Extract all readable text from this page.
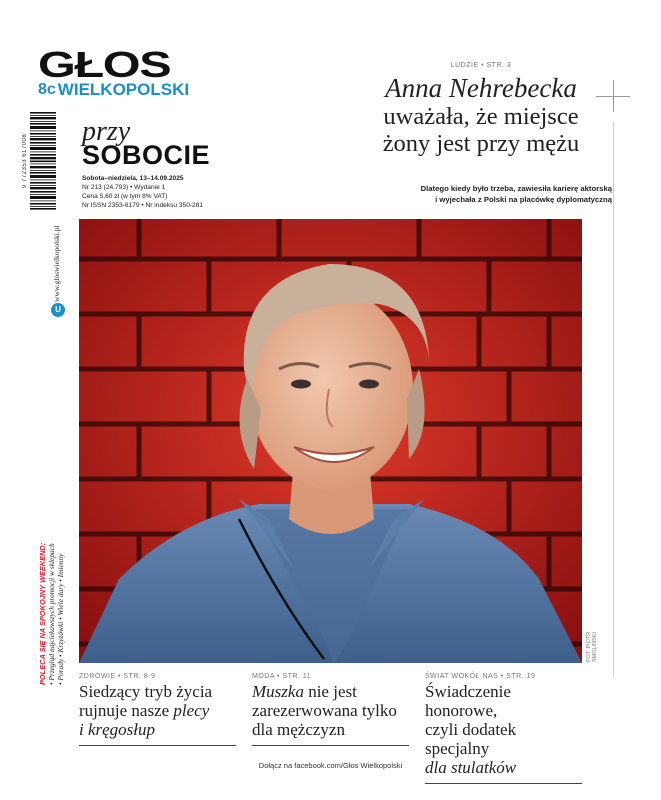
GŁOS
8c WIELKOPOLSKI
przy
SOBOCIE
Sobota–niedziela, 13–14.09.2025
Nr 213 (24.793) • Wydanie 1
Cena 5,60 zł (w tym 8% VAT)
Nr ISSN 2353-6179 • Nr indeksu 350-281
9 772353 617008
www.gloswielkopolski.pl
U
POLECA SIĘ NA SPOKOJNY WEEKEND: • Przegląd najciekawszych promocji w sklepach • Porady • Krzyżówki • Wiele dary • Imienny
LUDZIE • STR. 3
Anna Nehrebecka
uważała, że miejsce
żony jest przy mężu
Dlatego kiedy było trzeba, zawiesiła karierę aktorską
i wyjechała z Polski na placówkę dyplomatyczną
FOT. PIOTR SMOLIŃSKI
ZDROWIE • STR. 8-9
Siedzący tryb życia
rujnuje nasze plecy
i kręgosłup
MODA • STR. 11
Muszka nie jest
zarezerwowana tylko
dla mężczyzn
ŚWIAT WOKÓŁ NAS • STR. 19
Świadczenie honorowe,
czyli dodatek specjalny
dla stulatków
Dołącz na facebook.com/Głos Wielkopolski
